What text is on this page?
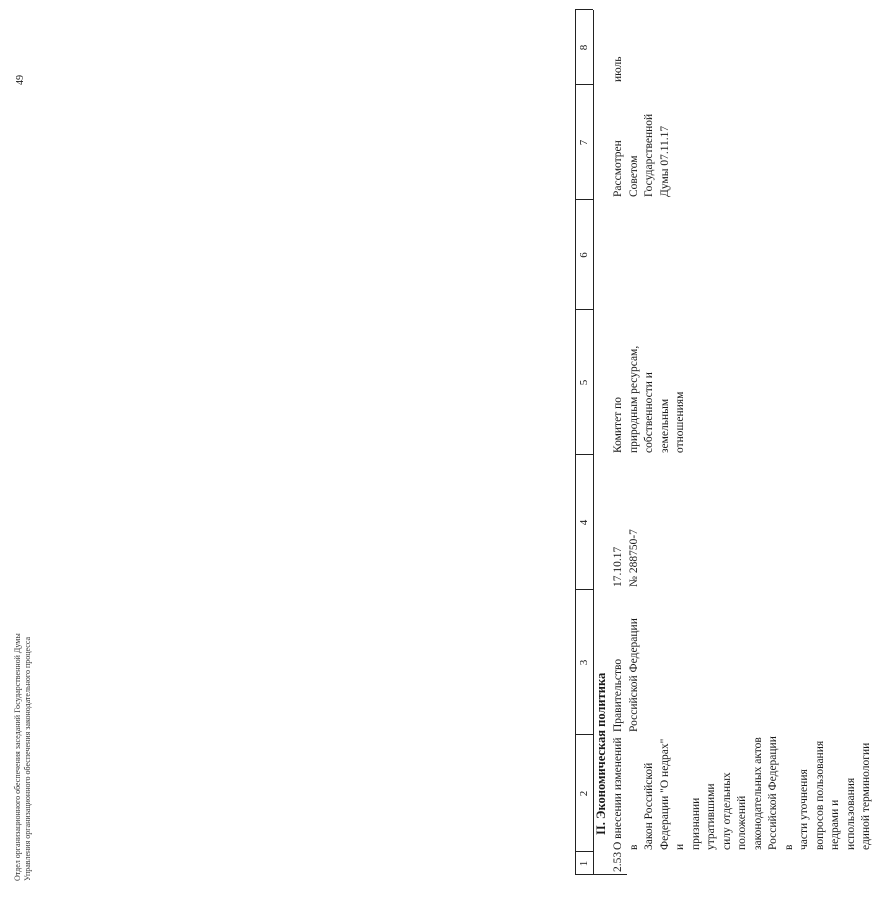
1
2
3
4
5
6
7
8
II. Экономическая политика
2.53
О внесении изменений в
Закон Российской
Федерации "О недрах" и
признании утратившими
силу отдельных
положений
законодательных актов
Российской Федерации в
части уточнения
вопросов пользования
недрами и использования
единой терминологии
Правительство
Российской Федерации
17.10.17
№ 288750-7
Комитет по
природным ресурсам,
собственности и
земельным
отношениям
Рассмотрен
Советом
Государственной
Думы 07.11.17
июль
Отдел организационного обеспечения заседаний Государственной Думы
Управления организационного обеспечения законодательного процесса
49
